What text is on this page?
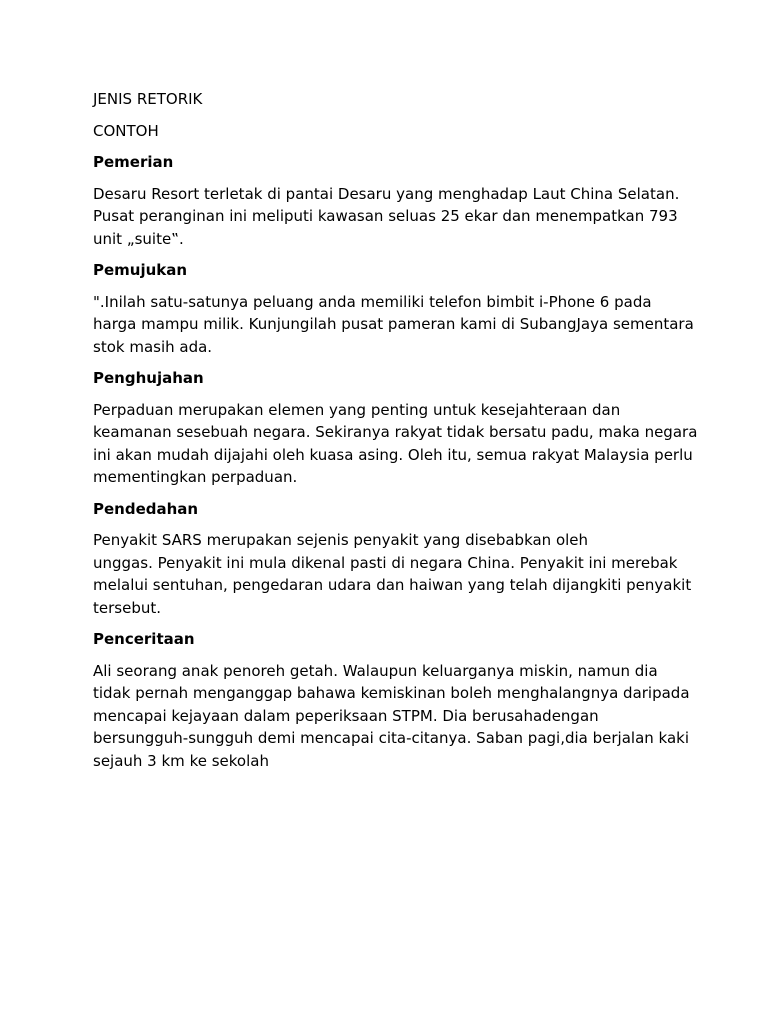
JENIS RETORIK

CONTOH

Pemerian

Desaru Resort terletak di pantai Desaru yang menghadap Laut China Selatan.
Pusat peranginan ini meliputi kawasan seluas 25 ekar dan menempatkan 793
unit „suite‟.

Pemujukan

".Inilah satu-satunya peluang anda memiliki telefon bimbit i-Phone 6 pada
harga mampu milik. Kunjungilah pusat pameran kami di SubangJaya sementara
stok masih ada.

Penghujahan

Perpaduan merupakan elemen yang penting untuk kesejahteraan dan
keamanan sesebuah negara. Sekiranya rakyat tidak bersatu padu, maka negara
ini akan mudah dijajahi oleh kuasa asing. Oleh itu, semua rakyat Malaysia perlu
mementingkan perpaduan.

Pendedahan

Penyakit SARS merupakan sejenis penyakit yang disebabkan oleh
unggas. Penyakit ini mula dikenal pasti di negara China. Penyakit ini merebak
melalui sentuhan, pengedaran udara dan haiwan yang telah dijangkiti penyakit
tersebut.

Penceritaan

Ali seorang anak penoreh getah. Walaupun keluarganya miskin, namun dia
tidak pernah menganggap bahawa kemiskinan boleh menghalangnya daripada
mencapai kejayaan dalam peperiksaan STPM. Dia berusahadengan
bersungguh-sungguh demi mencapai cita-citanya. Saban pagi,dia berjalan kaki
sejauh 3 km ke sekolah
